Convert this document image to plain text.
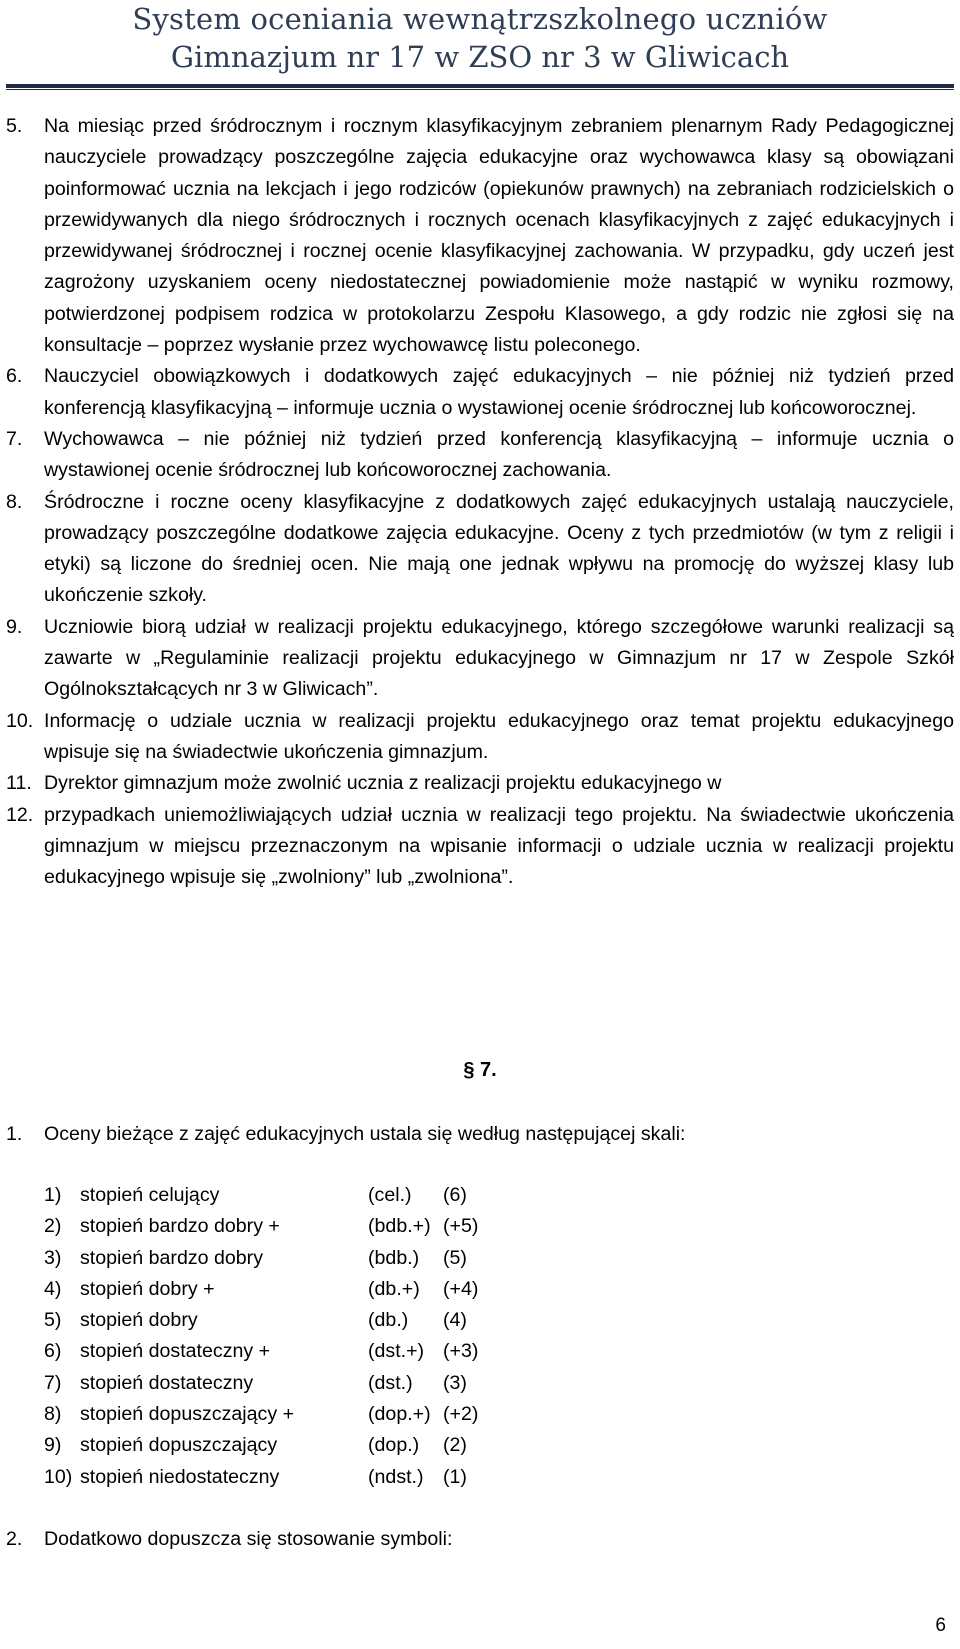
System oceniania wewnątrzszkolnego uczniów
Gimnazjum nr 17 w ZSO nr 3 w Gliwicach
5. Na miesiąc przed śródrocznym i rocznym klasyfikacyjnym zebraniem plenarnym Rady Pedagogicznej nauczyciele prowadzący poszczególne zajęcia edukacyjne oraz wychowawca klasy są obowiązani poinformować ucznia na lekcjach i jego rodziców (opiekunów prawnych) na zebraniach rodzicielskich o przewidywanych dla niego śródrocznych i rocznych ocenach klasyfikacyjnych z zajęć edukacyjnych i przewidywanej śródrocznej i rocznej ocenie klasyfikacyjnej zachowania. W przypadku, gdy uczeń jest zagrożony uzyskaniem oceny niedostatecznej powiadomienie może nastąpić w wyniku rozmowy, potwierdzonej podpisem rodzica w protokolarzu Zespołu Klasowego, a gdy rodzic nie zgłosi się na konsultacje – poprzez wysłanie przez wychowawcę listu poleconego.
6. Nauczyciel obowiązkowych i dodatkowych zajęć edukacyjnych – nie później niż tydzień przed konferencją klasyfikacyjną – informuje ucznia o wystawionej ocenie śródrocznej lub końcoworocznej.
7. Wychowawca – nie później niż tydzień przed konferencją klasyfikacyjną – informuje ucznia o wystawionej ocenie śródrocznej lub końcoworocznej zachowania.
8. Śródroczne i roczne oceny klasyfikacyjne z dodatkowych zajęć edukacyjnych ustalają nauczyciele, prowadzący poszczególne dodatkowe zajęcia edukacyjne. Oceny z tych przedmiotów (w tym z religii i etyki) są liczone do średniej ocen. Nie mają one jednak wpływu na promocję do wyższej klasy lub ukończenie szkoły.
9. Uczniowie biorą udział w realizacji projektu edukacyjnego, którego szczegółowe warunki realizacji są zawarte w „Regulaminie realizacji projektu edukacyjnego w Gimnazjum nr 17 w Zespole Szkół Ogólnokształcących nr 3 w Gliwicach”.
10. Informację o udziale ucznia w realizacji projektu edukacyjnego oraz temat projektu edukacyjnego wpisuje się na świadectwie ukończenia gimnazjum.
11. Dyrektor gimnazjum może zwolnić ucznia z realizacji projektu edukacyjnego w
12. przypadkach uniemożliwiających udział ucznia w realizacji tego projektu. Na świadectwie ukończenia gimnazjum w miejscu przeznaczonym na wpisanie informacji o udziale ucznia w realizacji projektu edukacyjnego wpisuje się „zwolniony” lub „zwolniona”.
§ 7.
1. Oceny bieżące z zajęć edukacyjnych ustala się według następującej skali:
1) stopień celujący	(cel.) (6)
2) stopień bardzo dobry +	(bdb.+) (+5)
3) stopień bardzo dobry	(bdb.) (5)
4) stopień dobry +	(db.+) (+4)
5) stopień dobry	(db.) (4)
6) stopień dostateczny +	(dst.+) (+3)
7) stopień dostateczny	(dst.) (3)
8) stopień dopuszczający +	(dop.+) (+2)
9) stopień dopuszczający	(dop.) (2)
10) stopień niedostateczny	(ndst.) (1)
2. Dodatkowo dopuszcza się stosowanie symboli:
6
